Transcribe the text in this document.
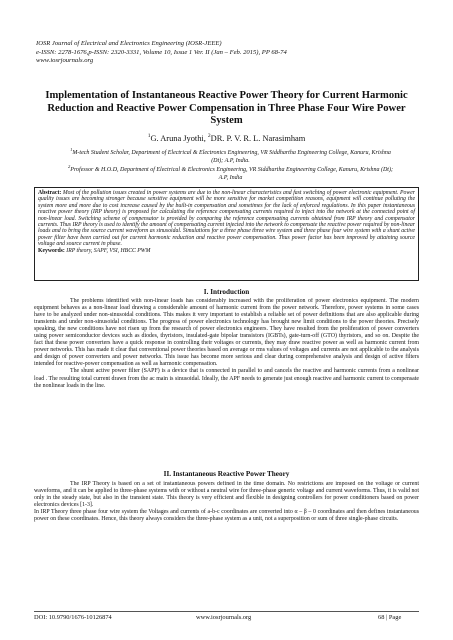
IOSR Journal of Electrical and Electronics Engineering (IOSR-JEEE)
e-ISSN: 2278-1676,p-ISSN: 2320-3331, Volume 10, Issue 1 Ver. II (Jan – Feb. 2015), PP 68-74
www.iosrjournals.org
Implementation of Instantaneous Reactive Power Theory for Current Harmonic Reduction and Reactive Power Compensation in Three Phase Four Wire Power System
$^1$G. Aruna Jyothi, $^2$DR. P. V. R. L. Narasimham
$^1$M-tech Student Scholar, Department of Electrical & Electronics Engineering, VR Siddhartha Engineering College, Kanuru, Krishna (Dt); A.P, India.
$^2$Professor & H.O.D, Department of Electrical & Electronics Engineering, VR Siddhartha Engineering College, Kanuru, Krishna (Dt); A.P, India
Abstract: Most of the pollution issues created in power systems are due to the non-linear characteristics and fast switching of power electronic equipment. Power quality issues are becoming stronger because sensitive equipment will be more sensitive for market competition reasons, equipment will continue polluting the system more and more due to cost increase caused by the built-in compensation and sometimes for the lack of enforced regulations. In this paper instantaneous reactive power theory (IRP theory) is proposed for calculating the reference compensating currents required to inject into the network at the connected point of non-linear load. Switching scheme of compensator is provided by comparing the reference compensating currents obtained from IRP theory and compensator currents. Thus IRP theory is used to identify the amount of compensating current injected into the network to compensate the reactive power required by non-linear loads and to bring the source current waveform as sinusoidal. Simulations for a three phase three wire system and three phase four wire system with a shunt active power filter have been carried out for current harmonic reduction and reactive power compensation. Thus power factor has been improved by attaining source voltage and source current in phase.
Keywords: IRP theory, SAPF, VSI, HBCC PWM
I. Introduction

The problems identified with non-linear loads has considerably increased with the proliferation of power electronics equipment. The modern equipment behaves as a non-linear load drawing a considerable amount of harmonic current from the power network. Therefore, power systems in some cases have to be analyzed under non-sinusoidal conditions. This makes it very important to establish a reliable set of power definitions that are also applicable during transients and under non-sinusoidal conditions. The progress of power electronics technology has brought new limit conditions to the power theories. Precisely speaking, the new conditions have not risen up from the research of power electronics engineers. They have resulted from the proliferation of power converters using power semiconductor devices such as diodes, thyristors, insulated-gate bipolar transistors (IGBTs), gate-turn-off (GTO) thyristors, and so on. Despite the fact that these power converters have a quick response in controlling their voltages or currents, they may draw reactive power as well as harmonic current from power networks. This has made it clear that conventional power theories based on average or rms values of voltages and currents are not applicable to the analysis and design of power converters and power networks. This issue has become more serious and clear during comprehensive analysis and design of active filters intended for reactive-power compensation as well as harmonic compensation.

The shunt active power filter (SAPF) is a device that is connected in parallel to and cancels the reactive and harmonic currents from a nonlinear load . The resulting total current drawn from the ac main is sinusoidal. Ideally, the APF needs to generate just enough reactive and harmonic current to compensate the nonlinear loads in the line.

II. Instantaneous Reactive Power Theory

The IRP Theory is based on a set of instantaneous powers defined in the time domain. No restrictions are imposed on the voltage or current waveforms, and it can be applied to three-phase systems with or without a neutral wire for three-phase generic voltage and current waveforms. Thus, it is valid not only in the steady state, but also in the transient state. This theory is very efficient and flexible in designing controllers for power conditioners based on power electronics devices [1-3].

In IRP Theory three phase four wire system the Voltages and currents of a-b-c coordinates are converted into α – β – 0 coordinates and then defines instantaneous power on these coordinates. Hence, this theory always considers the three-phase system as a unit, not a superposition or sum of three single-phase circuits.

DOI: 10.9790/1676-10126874	www.iosrjournals.org	68 | Page
